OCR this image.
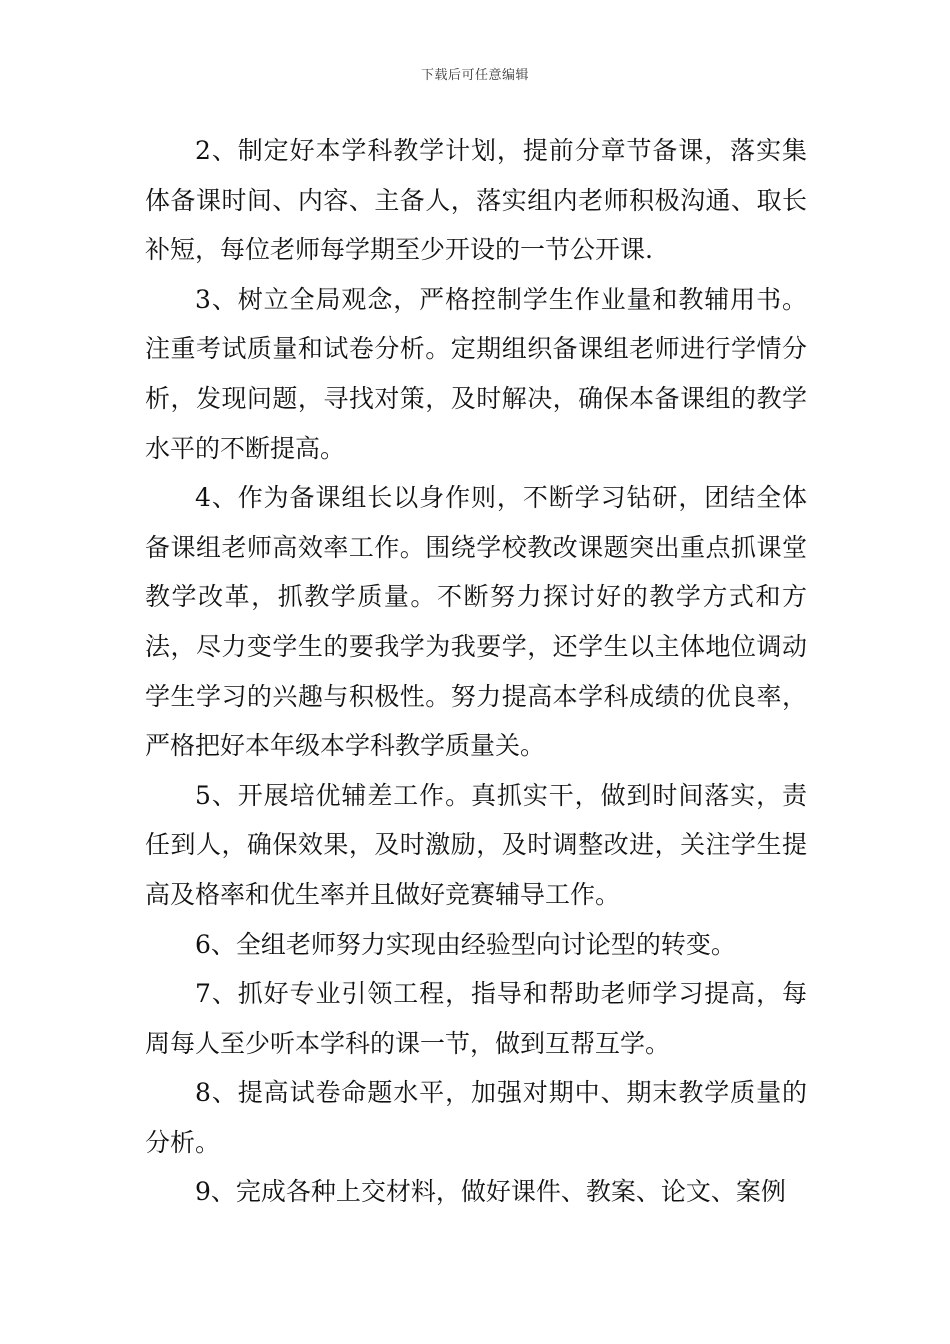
下载后可任意编辑

2、制定好本学科教学计划，提前分章节备课，落实集体备课时间、内容、主备人，落实组内老师积极沟通、取长补短，每位老师每学期至少开设的一节公开课.

3、树立全局观念，严格控制学生作业量和教辅用书。注重考试质量和试卷分析。定期组织备课组老师进行学情分析，发现问题，寻找对策，及时解决，确保本备课组的教学水平的不断提高。

4、作为备课组长以身作则，不断学习钻研，团结全体备课组老师高效率工作。围绕学校教改课题突出重点抓课堂教学改革，抓教学质量。不断努力探讨好的教学方式和方法，尽力变学生的要我学为我要学，还学生以主体地位调动学生学习的兴趣与积极性。努力提高本学科成绩的优良率，严格把好本年级本学科教学质量关。

5、开展培优辅差工作。真抓实干，做到时间落实，责任到人，确保效果，及时激励，及时调整改进，关注学生提高及格率和优生率并且做好竞赛辅导工作。

6、全组老师努力实现由经验型向讨论型的转变。

7、抓好专业引领工程，指导和帮助老师学习提高，每周每人至少听本学科的课一节，做到互帮互学。

8、提高试卷命题水平，加强对期中、期末教学质量的分析。

9、完成各种上交材料，做好课件、教案、论文、案例
